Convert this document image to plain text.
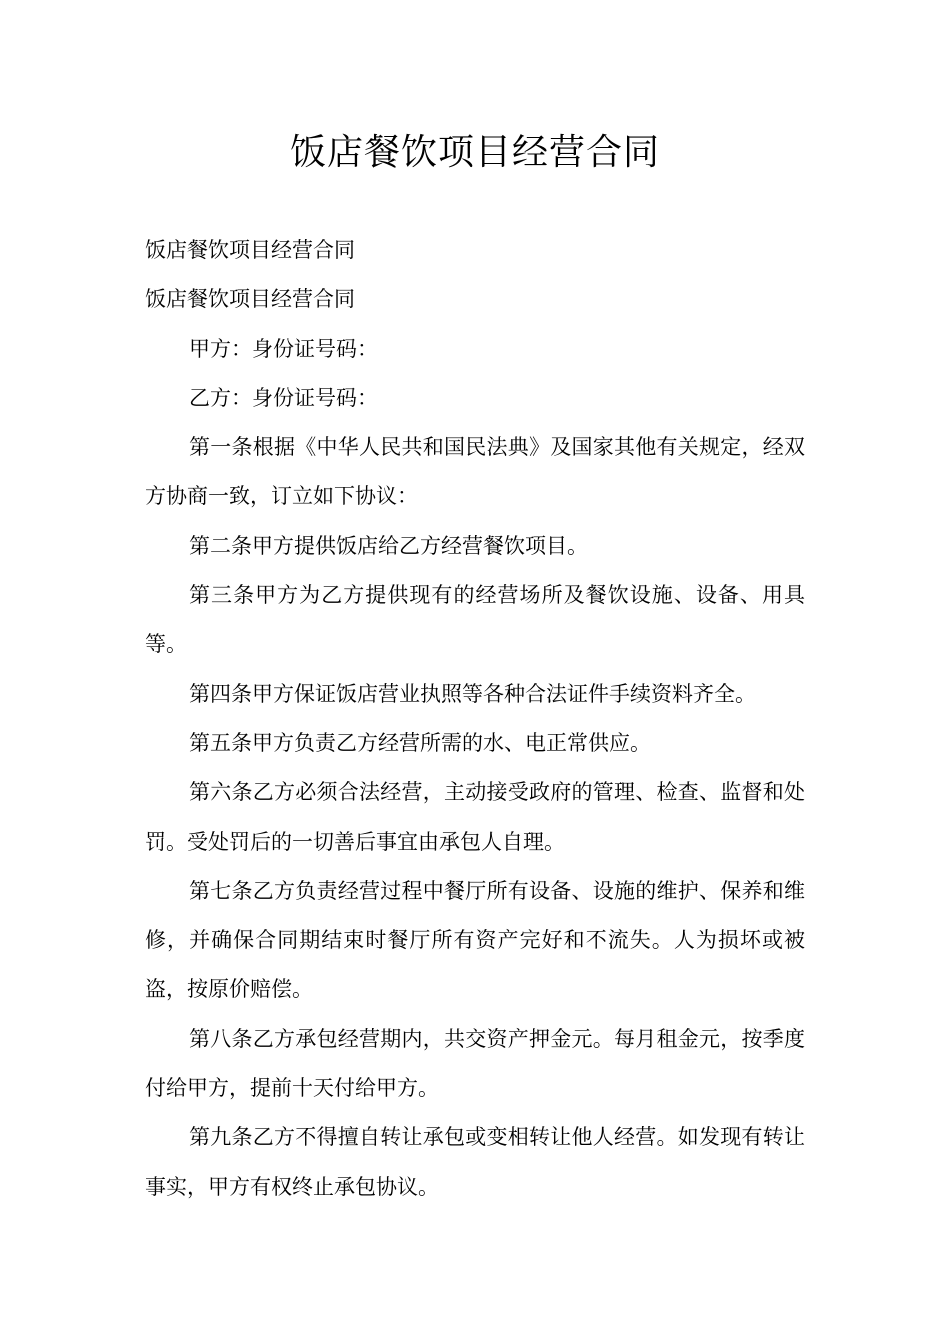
饭店餐饮项目经营合同

饭店餐饮项目经营合同

饭店餐饮项目经营合同

甲方：身份证号码：

乙方：身份证号码：

第一条根据《中华人民共和国民法典》及国家其他有关规定，经双方协商一致，订立如下协议：

第二条甲方提供饭店给乙方经营餐饮项目。

第三条甲方为乙方提供现有的经营场所及餐饮设施、设备、用具等。

第四条甲方保证饭店营业执照等各种合法证件手续资料齐全。

第五条甲方负责乙方经营所需的水、电正常供应。

第六条乙方必须合法经营，主动接受政府的管理、检查、监督和处罚。受处罚后的一切善后事宜由承包人自理。

第七条乙方负责经营过程中餐厅所有设备、设施的维护、保养和维修，并确保合同期结束时餐厅所有资产完好和不流失。人为损坏或被盗，按原价赔偿。

第八条乙方承包经营期内，共交资产押金元。每月租金元，按季度付给甲方，提前十天付给甲方。

第九条乙方不得擅自转让承包或变相转让他人经营。如发现有转让事实，甲方有权终止承包协议。
